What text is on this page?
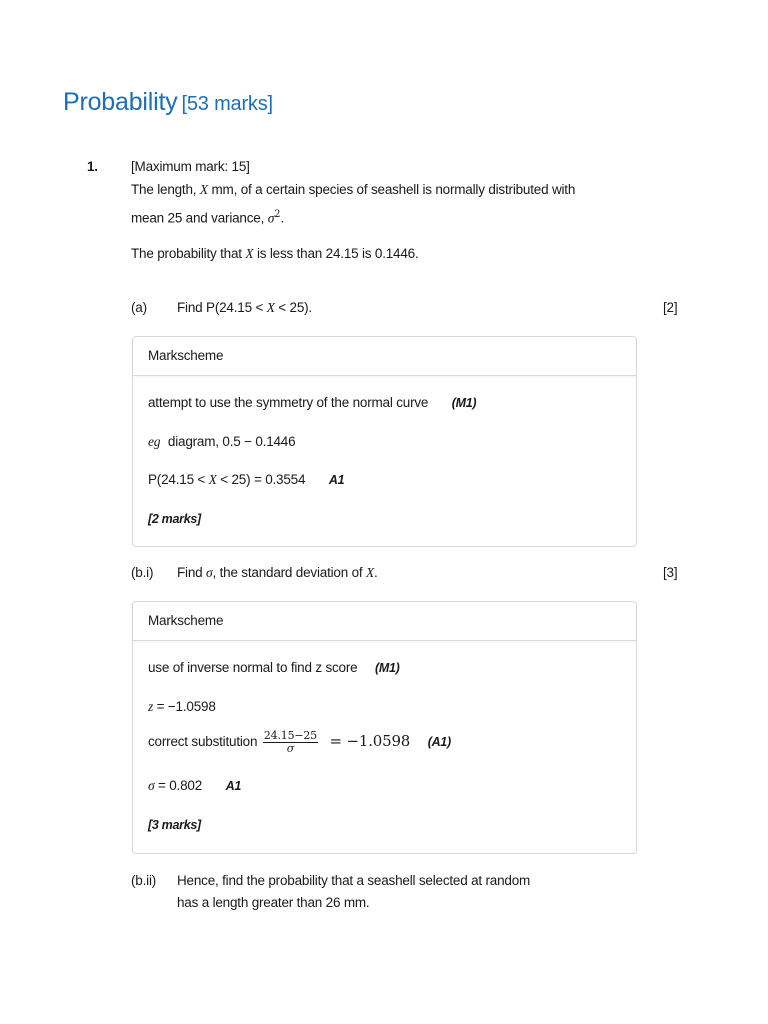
Probability [53 marks]
1. [Maximum mark: 15]
The length, X mm, of a certain species of seashell is normally distributed with
mean 25 and variance, $\sigma^2$.
The probability that X is less than 24.15 is 0.1446.
(a) Find P(24.15 < X < 25).	[2]
Markscheme
attempt to use the symmetry of the normal curve (M1)
eg diagram, 0.5 − 0.1446
P(24.15 < X < 25) = 0.3554 A1
[2 marks]
(b.i) Find σ, the standard deviation of X.	[3]
Markscheme
use of inverse normal to find z score (M1)
z = −1.0598
correct substitution $\frac{24.15-25}{\sigma} = -1.0598$ (A1)
σ = 0.802 A1
[3 marks]
(b.ii) Hence, find the probability that a seashell selected at random
has a length greater than 26 mm.
